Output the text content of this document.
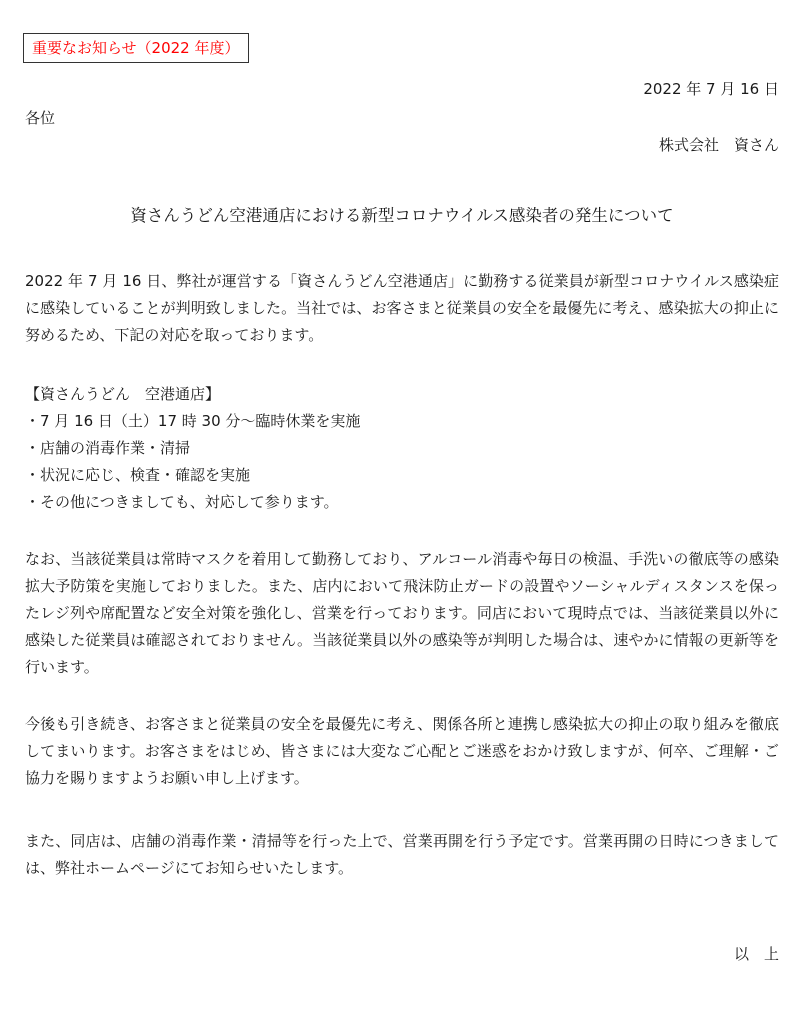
重要なお知らせ（2022 年度）
2022 年 7 月 16 日
各位
株式会社　資さん
資さんうどん空港通店における新型コロナウイルス感染者の発生について
2022 年 7 月 16 日、弊社が運営する「資さんうどん空港通店」に勤務する従業員が新型コロナウイルス感染症に感染していることが判明致しました。当社では、お客さまと従業員の安全を最優先に考え、感染拡大の抑止に努めるため、下記の対応を取っております。
【資さんうどん　空港通店】
・7 月 16 日（土）17 時 30 分～臨時休業を実施
・店舗の消毒作業・清掃
・状況に応じ、検査・確認を実施
・その他につきましても、対応して参ります。
なお、当該従業員は常時マスクを着用して勤務しており、アルコール消毒や毎日の検温、手洗いの徹底等の感染拡大予防策を実施しておりました。また、店内において飛沫防止ガードの設置やソーシャルディスタンスを保ったレジ列や席配置など安全対策を強化し、営業を行っております。同店において現時点では、当該従業員以外に感染した従業員は確認されておりません。当該従業員以外の感染等が判明した場合は、速やかに情報の更新等を行います。
今後も引き続き、お客さまと従業員の安全を最優先に考え、関係各所と連携し感染拡大の抑止の取り組みを徹底してまいります。お客さまをはじめ、皆さまには大変なご心配とご迷惑をおかけ致しますが、何卒、ご理解・ご協力を賜りますようお願い申し上げます。
また、同店は、店舗の消毒作業・清掃等を行った上で、営業再開を行う予定です。営業再開の日時につきましては、弊社ホームページにてお知らせいたします。
以　上
